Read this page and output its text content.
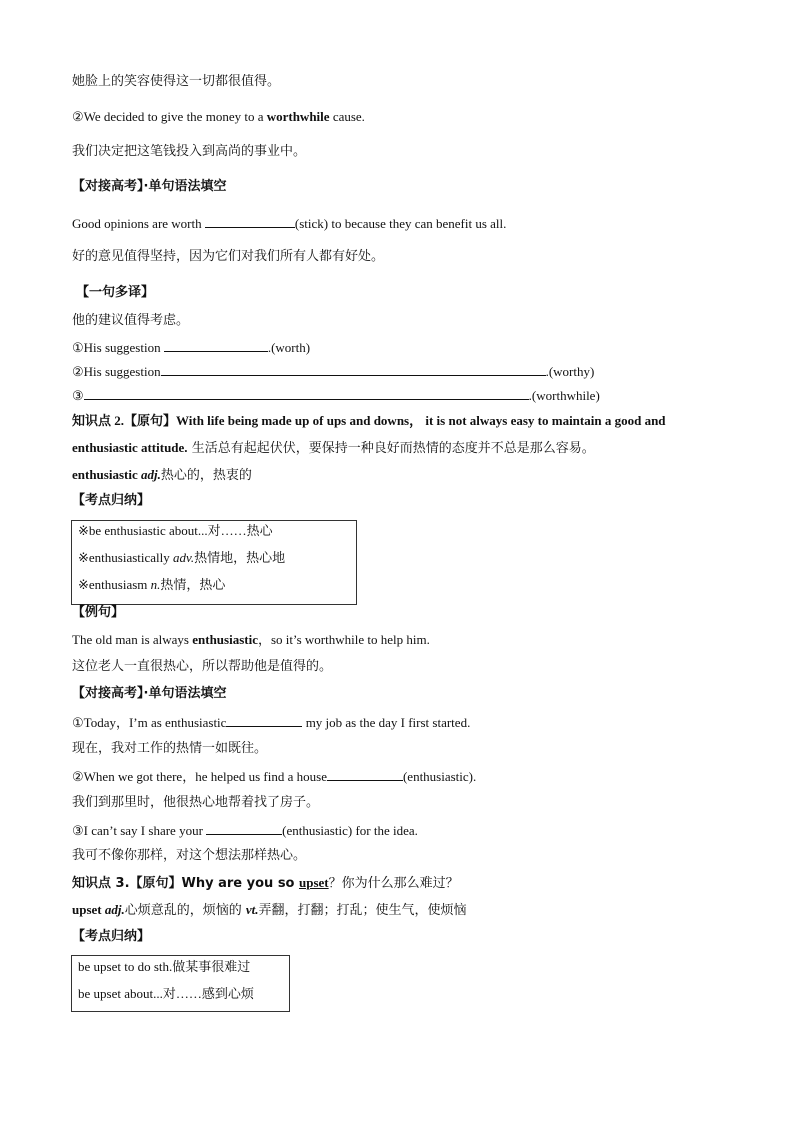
她脸上的笑容使得这一切都很值得。
②We decided to give the money to a worthwhile cause.
我们决定把这笔钱投入到高尚的事业中。
【对接高考】·单句语法填空
Good opinions are worth	(stick) to because they can benefit us all.
好的意见值得坚持，因为它们对我们所有人都有好处。
【一句多译】
他的建议值得考虑。
①His suggestion	.(worth)
②His suggestion	.(worthy)
③	.(worthwhile)
知识点 2.【原句】With life being made up of ups and downs， it is not always easy to maintain a good and
enthusiastic attitude. 生活总有起起伏伏，要保持一种良好而热情的态度并不总是那么容易。
enthusiastic adj.热心的，热衷的
【考点归纳】
※be enthusiastic about...对……热心
※enthusiastically adv.热情地，热心地
※enthusiasm n.热情，热心
【例句】
The old man is always enthusiastic，so it’s worthwhile to help him.
这位老人一直很热心，所以帮助他是值得的。
【对接高考】·单句语法填空
①Today，I’m as enthusiastic	my job as the day I first started.
现在，我对工作的热情一如既往。
②When we got there，he helped us find a house	(enthusiastic).
我们到那里时，他很热心地帮着找了房子。
③I can’t say I share your	(enthusiastic) for the idea.
我可不像你那样，对这个想法那样热心。
知识点 3.【原句】Why are you so upset？你为什么那么难过？
upset adj.心烦意乱的，烦恼的 vt.弄翻，打翻；打乱；使生气，使烦恼
【考点归纳】
be upset to do sth.做某事很难过
be upset about...对……感到心烦
